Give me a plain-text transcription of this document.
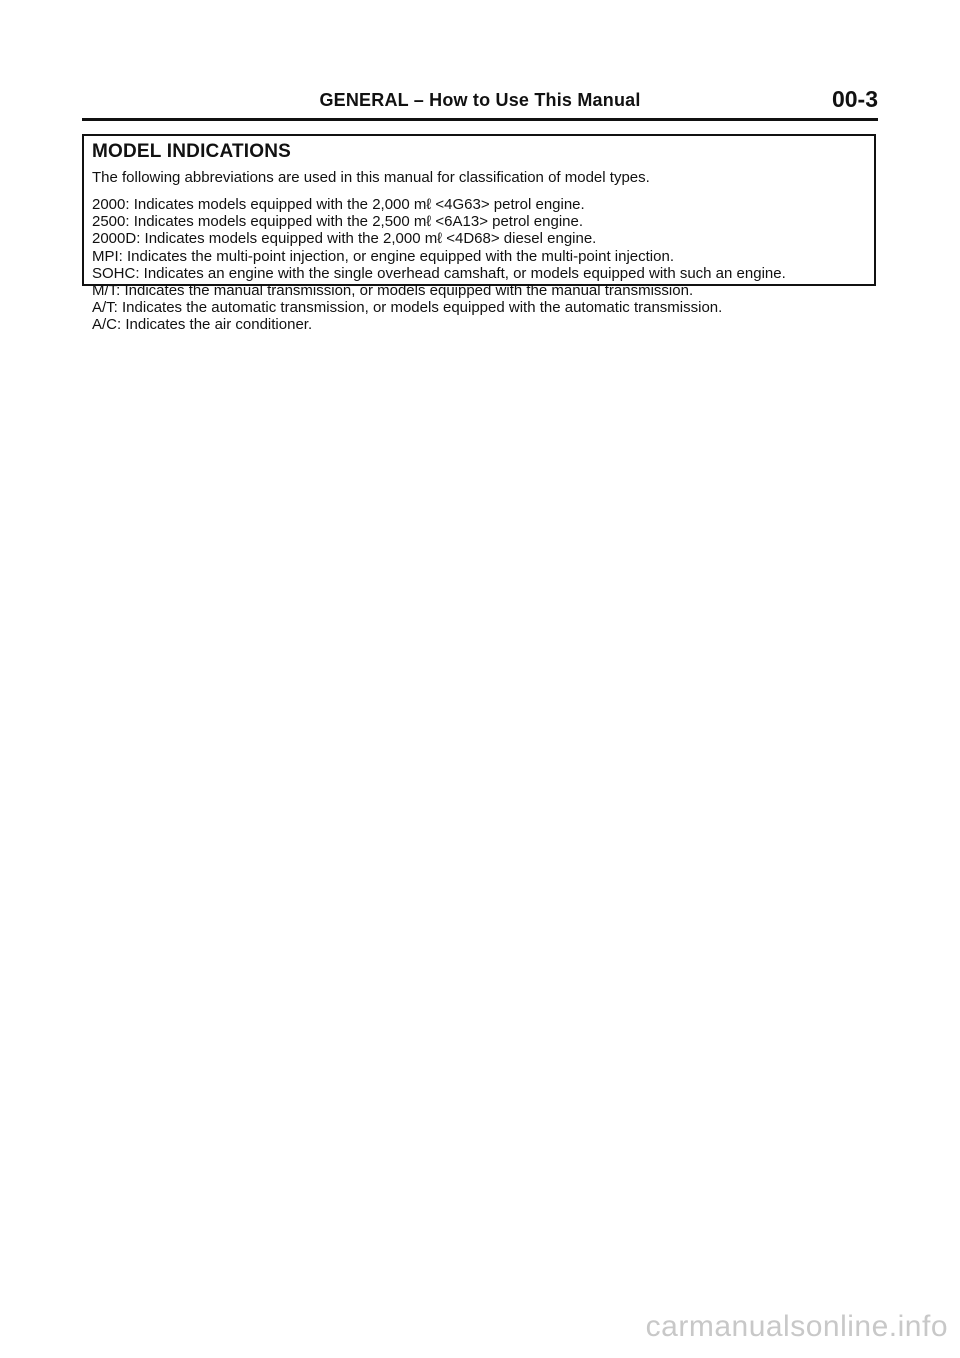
GENERAL – How to Use This Manual	00-3
MODEL INDICATIONS
The following abbreviations are used in this manual for classification of model types.
2000: Indicates models equipped with the 2,000 mℓ <4G63> petrol engine.
2500: Indicates models equipped with the 2,500 mℓ <6A13> petrol engine.
2000D: Indicates models equipped with the 2,000 mℓ <4D68> diesel engine.
MPI: Indicates the multi-point injection, or engine equipped with the multi-point injection.
SOHC: Indicates an engine with the single overhead camshaft, or models equipped with such an engine.
M/T: Indicates the manual transmission, or models equipped with the manual transmission.
A/T: Indicates the automatic transmission, or models equipped with the automatic transmission.
A/C: Indicates the air conditioner.
carmanualsonline.info
